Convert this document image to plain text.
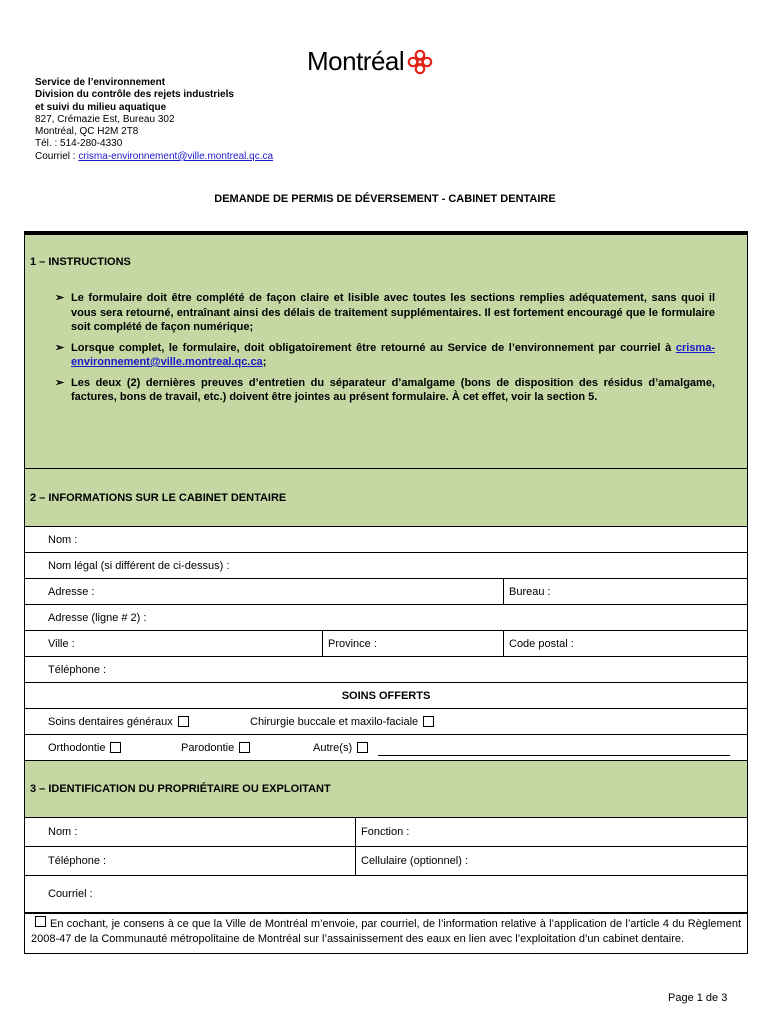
Montréal
Service de l’environnement
Division du contrôle des rejets industriels
et suivi du milieu aquatique
827, Crémazie Est, Bureau 302
Montréal, QC H2M 2T8
Tél. : 514-280-4330
Courriel : crisma-environnement@ville.montreal.qc.ca
DEMANDE DE PERMIS DE DÉVERSEMENT - CABINET DENTAIRE
1 – INSTRUCTIONS
➢ Le formulaire doit être complété de façon claire et lisible avec toutes les sections remplies adéquatement, sans quoi il vous sera retourné, entraînant ainsi des délais de traitement supplémentaires. Il est fortement encouragé que le formulaire soit complété de façon numérique;
➢ Lorsque complet, le formulaire, doit obligatoirement être retourné au Service de l’environnement par courriel à crisma-environnement@ville.montreal.qc.ca;
➢ Les deux (2) dernières preuves d’entretien du séparateur d’amalgame (bons de disposition des résidus d’amalgame, factures, bons de travail, etc.) doivent être jointes au présent formulaire. À cet effet, voir la section 5.
2 – INFORMATIONS SUR LE CABINET DENTAIRE
Nom :
Nom légal (si différent de ci-dessus) :
Adresse :	Bureau :
Adresse (ligne # 2) :
Ville :	Province :	Code postal :
Téléphone :
SOINS OFFERTS
Soins dentaires généraux	Chirurgie buccale et maxilo-faciale
Orthodontie	Parodontie	Autre(s)
3 – IDENTIFICATION DU PROPRIÉTAIRE OU EXPLOITANT
Nom :	Fonction :
Téléphone :	Cellulaire (optionnel) :
Courriel :
En cochant, je consens à ce que la Ville de Montréal m’envoie, par courriel, de l’information relative à l’application de l’article 4 du Règlement 2008-47 de la Communauté métropolitaine de Montréal sur l’assainissement des eaux en lien avec l’exploitation d’un cabinet dentaire.
Page 1 de 3
